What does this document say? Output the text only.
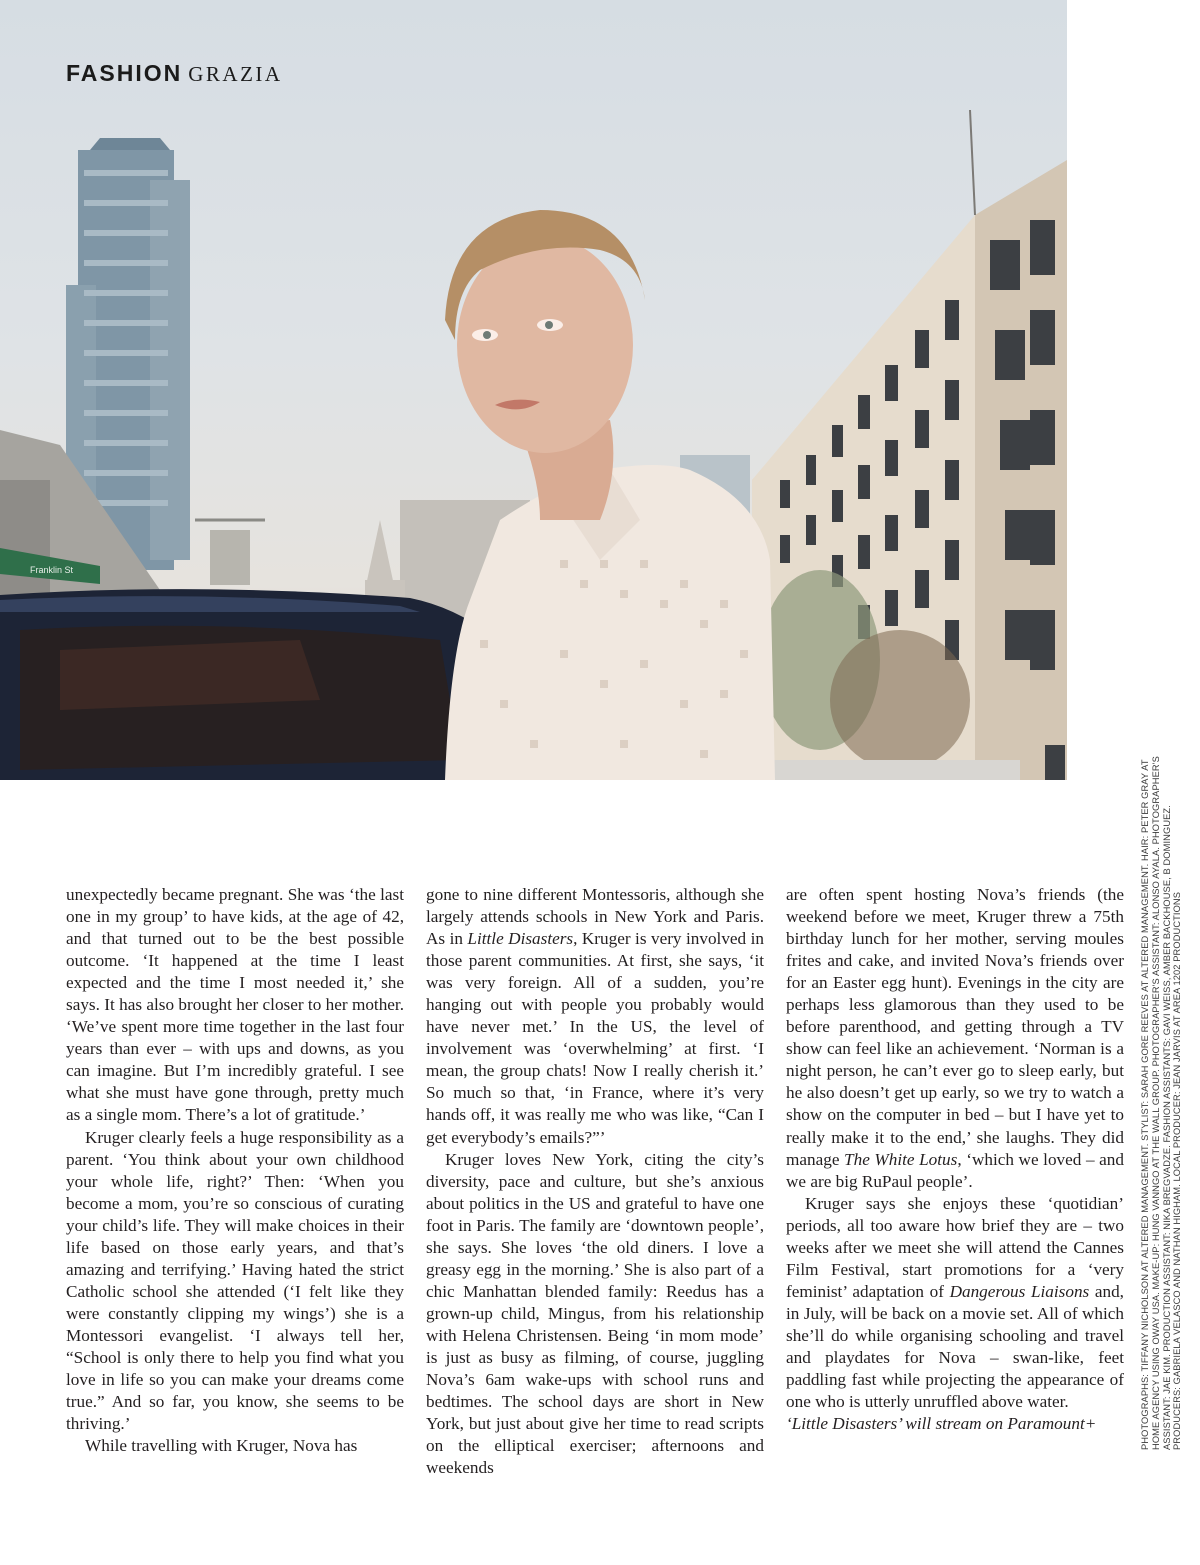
Franklin St
FASHION GRAZIA

unexpectedly became pregnant. She was ‘the last one in my group’ to have kids, at the age of 42, and that turned out to be the best possible outcome. ‘It happened at the time I least expected and the time I most needed it,’ she says. It has also brought her closer to her mother. ‘We’ve spent more time together in the last four years than ever – with ups and downs, as you can imagine. But I’m incredibly grateful. I see what she must have gone through, pretty much as a single mom. There’s a lot of gratitude.’

Kruger clearly feels a huge responsibility as a parent. ‘You think about your own childhood your whole life, right?’ Then: ‘When you become a mom, you’re so conscious of curating your child’s life. They will make choices in their life based on those early years, and that’s amazing and terrifying.’ Having hated the strict Catholic school she attended (‘I felt like they were constantly clipping my wings’) she is a Montessori evangelist. ‘I always tell her, “School is only there to help you find what you love in life so you can make your dreams come true.” And so far, you know, she seems to be thriving.’

While travelling with Kruger, Nova has

gone to nine different Montessoris, although she largely attends schools in New York and Paris. As in Little Disasters, Kruger is very involved in those parent communities. At first, she says, ‘it was very foreign. All of a sudden, you’re hanging out with people you probably would have never met.’ In the US, the level of involvement was ‘overwhelming’ at first. ‘I mean, the group chats! Now I really cherish it.’ So much so that, ‘in France, where it’s very hands off, it was really me who was like, “Can I get everybody’s emails?”’

Kruger loves New York, citing the city’s diversity, pace and culture, but she’s anxious about politics in the US and grateful to have one foot in Paris. The family are ‘downtown people’, she says. She loves ‘the old diners. I love a greasy egg in the morning.’ She is also part of a chic Manhattan blended family: Reedus has a grown-up child, Mingus, from his relationship with Helena Christensen. Being ‘in mom mode’ is just as busy as filming, of course, juggling Nova’s 6am wake-ups with school runs and bedtimes. The school days are short in New York, but just about give her time to read scripts on the elliptical exerciser; afternoons and weekends

are often spent hosting Nova’s friends (the weekend before we meet, Kruger threw a 75th birthday lunch for her mother, serving moules frites and cake, and invited Nova’s friends over for an Easter egg hunt). Evenings in the city are perhaps less glamorous than they used to be before parenthood, and getting through a TV show can feel like an achievement. ‘Norman is a night person, he can’t ever go to sleep early, but he also doesn’t get up early, so we try to watch a show on the computer in bed – but I have yet to really make it to the end,’ she laughs. They did manage The White Lotus, ‘which we loved – and we are big RuPaul people’.

Kruger says she enjoys these ‘quotidian’ periods, all too aware how brief they are – two weeks after we meet she will attend the Cannes Film Festival, start promotions for a ‘very feminist’ adaptation of Dangerous Liaisons and, in July, will be back on a movie set. All of which she’ll do while organising schooling and travel and playdates for Nova – swan-like, feet paddling fast while projecting the appearance of one who is utterly unruffled above water.

‘Little Disasters’ will stream on Paramount+	PHOTOGRAPHS: TIFFANY NICHOLSON AT ALTERED MANAGEMENT. STYLIST: SARAH GORE REEVES AT ALTERED MANAGEMENT. HAIR: PETER GRAY AT HOME AGENCY USING OWAY USA. MAKE-UP: HUNG VANNGO AT THE WALL GROUP. PHOTOGRAPHER'S ASSISTANT: ALONSO AYALA. PHOTOGRAPHER'S ASSISTANT: JAE KIM. PRODUCTION ASSISTANT: NIKA BREGVADZE. FASHION ASSISTANTS: GAVI WEISS, AMBER BACKHOUSE, B DOMINGUEZ. PRODUCERS: GABRIELA VELASCO AND NATHAN HIGHAM. LOCAL PRODUCER: JEAN JARVIS AT AREA 1202 PRODUCTIONS
